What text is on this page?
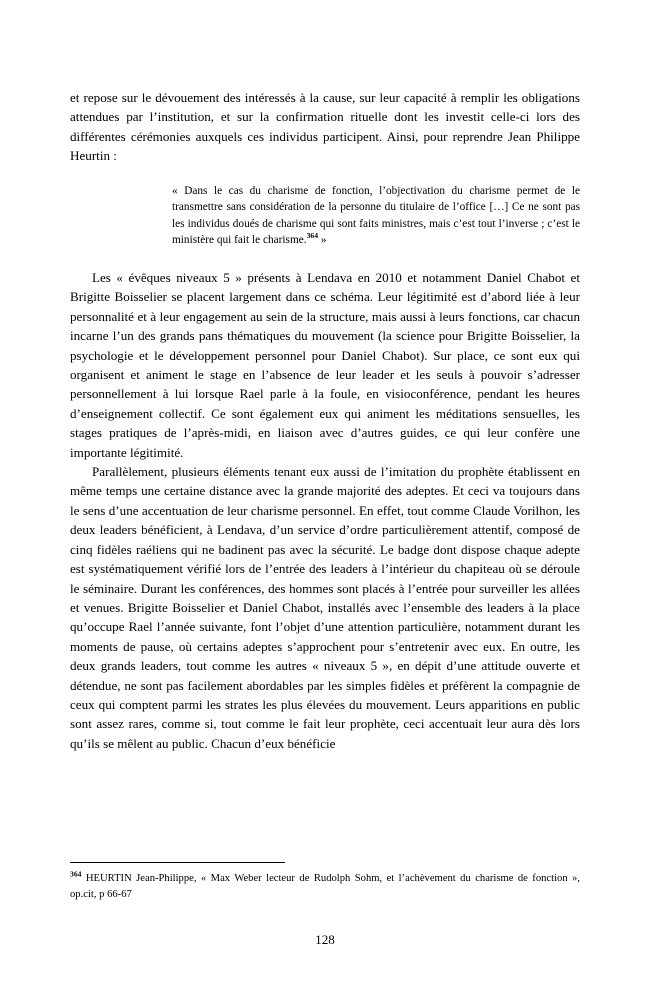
et repose sur le dévouement des intéressés à la cause, sur leur capacité à remplir les obligations attendues par l’institution, et sur la confirmation rituelle dont les investit celle-ci lors des différentes cérémonies auxquels ces individus participent. Ainsi, pour reprendre Jean Philippe Heurtin :

« Dans le cas du charisme de fonction, l’objectivation du charisme permet de le transmettre sans considération de la personne du titulaire de l’office […] Ce ne sont pas les individus doués de charisme qui sont faits ministres, mais c’est tout l’inverse ; c’est le ministère qui fait le charisme.$^{364}$ »

Les « évêques niveaux 5 » présents à Lendava en 2010 et notamment Daniel Chabot et Brigitte Boisselier se placent largement dans ce schéma. Leur légitimité est d’abord liée à leur personnalité et à leur engagement au sein de la structure, mais aussi à leurs fonctions, car chacun incarne l’un des grands pans thématiques du mouvement (la science pour Brigitte Boisselier, la psychologie et le développement personnel pour Daniel Chabot). Sur place, ce sont eux qui organisent et animent le stage en l’absence de leur leader et les seuls à pouvoir s’adresser personnellement à lui lorsque Rael parle à la foule, en visioconférence, pendant les heures d’enseignement collectif. Ce sont également eux qui animent les méditations sensuelles, les stages pratiques de l’après-midi, en liaison avec d’autres guides, ce qui leur confère une importante légitimité.

Parallèlement, plusieurs éléments tenant eux aussi de l’imitation du prophète établissent en même temps une certaine distance avec la grande majorité des adeptes. Et ceci va toujours dans le sens d’une accentuation de leur charisme personnel. En effet, tout comme Claude Vorilhon, les deux leaders bénéficient, à Lendava, d’un service d’ordre particulièrement attentif, composé de cinq fidèles raéliens qui ne badinent pas avec la sécurité. Le badge dont dispose chaque adepte est systématiquement vérifié lors de l’entrée des leaders à l’intérieur du chapiteau où se déroule le séminaire. Durant les conférences, des hommes sont placés à l’entrée pour surveiller les allées et venues. Brigitte Boisselier et Daniel Chabot, installés avec l’ensemble des leaders à la place qu’occupe Rael l’année suivante, font l’objet d’une attention particulière, notamment durant les moments de pause, où certains adeptes s’approchent pour s’entretenir avec eux. En outre, les deux grands leaders, tout comme les autres « niveaux 5 », en dépit d’une attitude ouverte et détendue, ne sont pas facilement abordables par les simples fidèles et préfèrent la compagnie de ceux qui comptent parmi les strates les plus élevées du mouvement. Leurs apparitions en public sont assez rares, comme si, tout comme le fait leur prophète, ceci accentuait leur aura dès lors qu’ils se mêlent au public. Chacun d’eux bénéficie

$^{364}$ HEURTIN Jean-Philippe, « Max Weber lecteur de Rudolph Sohm, et l’achèvement du charisme de fonction », op.cit, p 66-67

128
